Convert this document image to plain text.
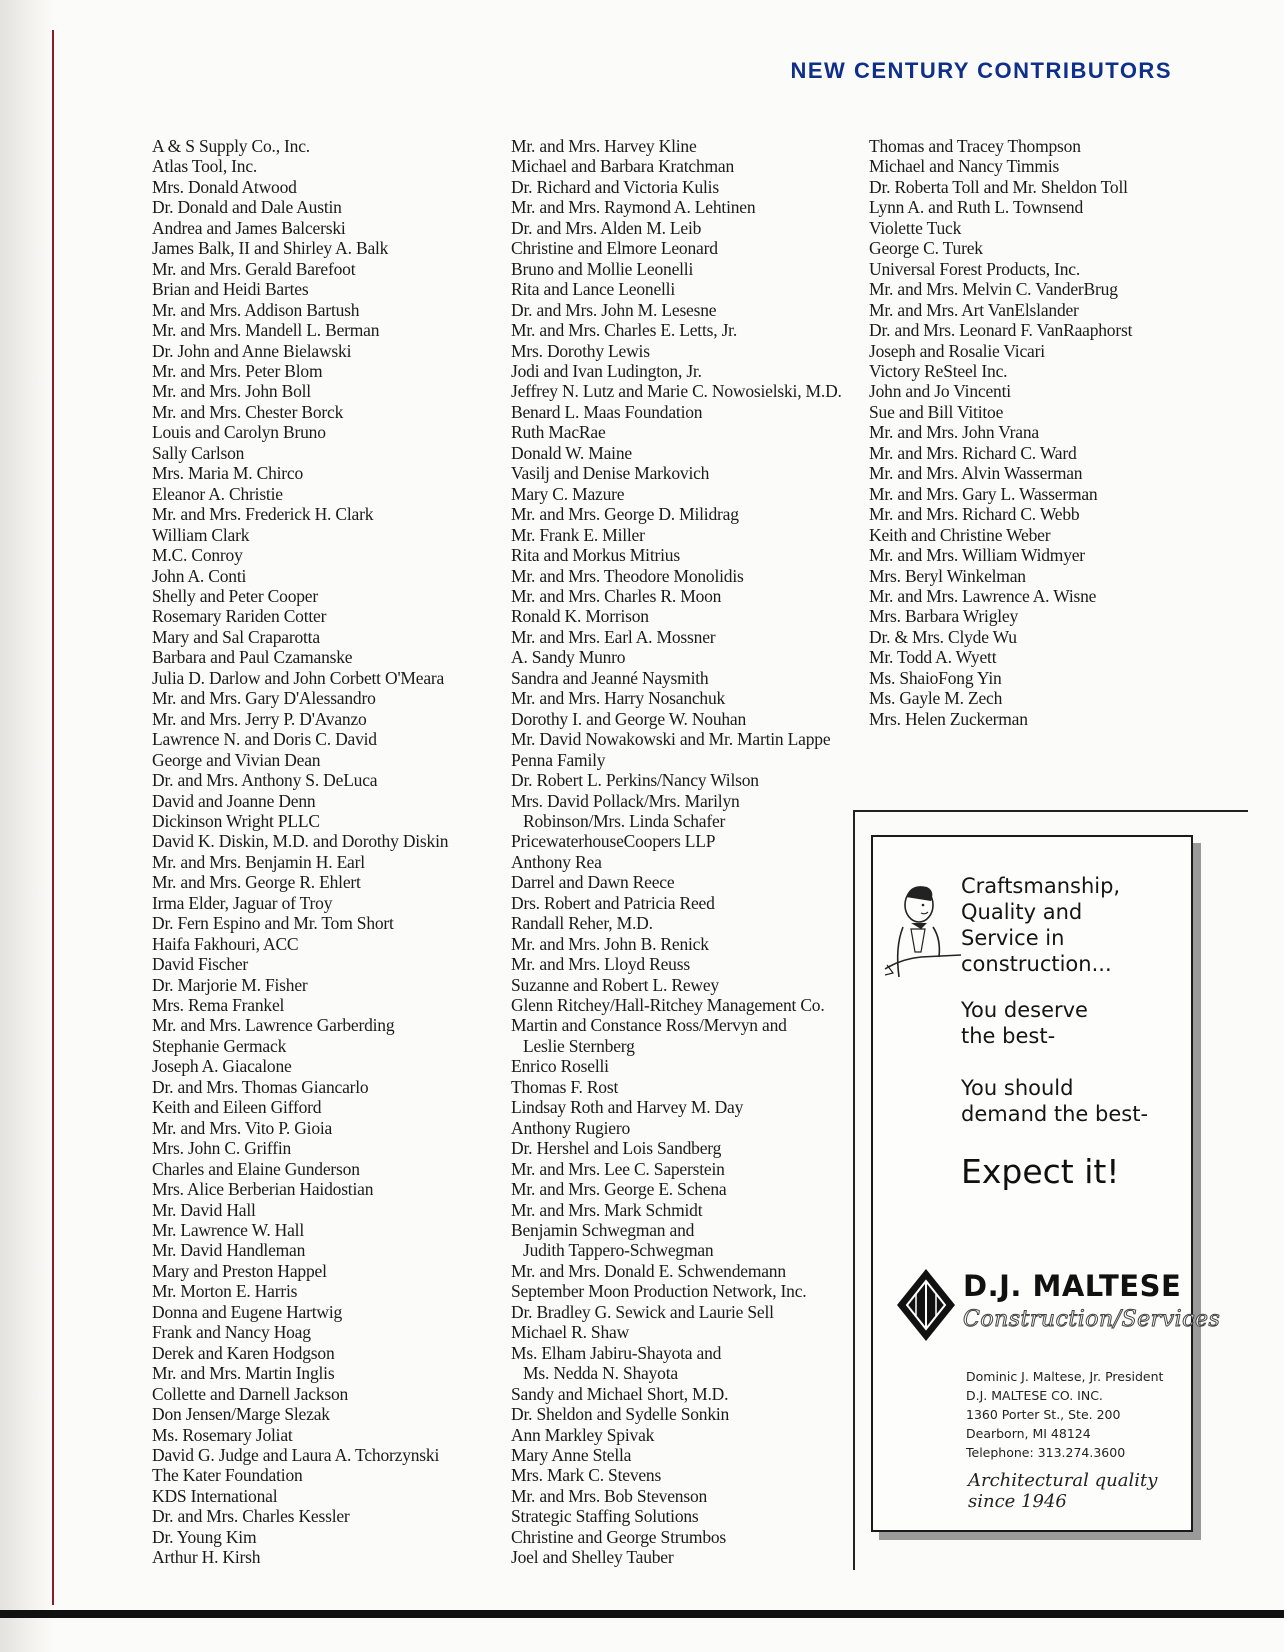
NEW CENTURY CONTRIBUTORS
A & S Supply Co., Inc.
Atlas Tool, Inc.
Mrs. Donald Atwood
Dr. Donald and Dale Austin
Andrea and James Balcerski
James Balk, II and Shirley A. Balk
Mr. and Mrs. Gerald Barefoot
Brian and Heidi Bartes
Mr. and Mrs. Addison Bartush
Mr. and Mrs. Mandell L. Berman
Dr. John and Anne Bielawski
Mr. and Mrs. Peter Blom
Mr. and Mrs. John Boll
Mr. and Mrs. Chester Borck
Louis and Carolyn Bruno
Sally Carlson
Mrs. Maria M. Chirco
Eleanor A. Christie
Mr. and Mrs. Frederick H. Clark
William Clark
M.C. Conroy
John A. Conti
Shelly and Peter Cooper
Rosemary Rariden Cotter
Mary and Sal Craparotta
Barbara and Paul Czamanske
Julia D. Darlow and John Corbett O'Meara
Mr. and Mrs. Gary D'Alessandro
Mr. and Mrs. Jerry P. D'Avanzo
Lawrence N. and Doris C. David
George and Vivian Dean
Dr. and Mrs. Anthony S. DeLuca
David and Joanne Denn
Dickinson Wright PLLC
David K. Diskin, M.D. and Dorothy Diskin
Mr. and Mrs. Benjamin H. Earl
Mr. and Mrs. George R. Ehlert
Irma Elder, Jaguar of Troy
Dr. Fern Espino and Mr. Tom Short
Haifa Fakhouri, ACC
David Fischer
Dr. Marjorie M. Fisher
Mrs. Rema Frankel
Mr. and Mrs. Lawrence Garberding
Stephanie Germack
Joseph A. Giacalone
Dr. and Mrs. Thomas Giancarlo
Keith and Eileen Gifford
Mr. and Mrs. Vito P. Gioia
Mrs. John C. Griffin
Charles and Elaine Gunderson
Mrs. Alice Berberian Haidostian
Mr. David Hall
Mr. Lawrence W. Hall
Mr. David Handleman
Mary and Preston Happel
Mr. Morton E. Harris
Donna and Eugene Hartwig
Frank and Nancy Hoag
Derek and Karen Hodgson
Mr. and Mrs. Martin Inglis
Collette and Darnell Jackson
Don Jensen/Marge Slezak
Ms. Rosemary Joliat
David G. Judge and Laura A. Tchorzynski
The Kater Foundation
KDS International
Dr. and Mrs. Charles Kessler
Dr. Young Kim
Arthur H. Kirsh
Mr. and Mrs. Harvey Kline
Michael and Barbara Kratchman
Dr. Richard and Victoria Kulis
Mr. and Mrs. Raymond A. Lehtinen
Dr. and Mrs. Alden M. Leib
Christine and Elmore Leonard
Bruno and Mollie Leonelli
Rita and Lance Leonelli
Dr. and Mrs. John M. Lesesne
Mr. and Mrs. Charles E. Letts, Jr.
Mrs. Dorothy Lewis
Jodi and Ivan Ludington, Jr.
Jeffrey N. Lutz and Marie C. Nowosielski, M.D.
Benard L. Maas Foundation
Ruth MacRae
Donald W. Maine
Vasilj and Denise Markovich
Mary C. Mazure
Mr. and Mrs. George D. Milidrag
Mr. Frank E. Miller
Rita and Morkus Mitrius
Mr. and Mrs. Theodore Monolidis
Mr. and Mrs. Charles R. Moon
Ronald K. Morrison
Mr. and Mrs. Earl A. Mossner
A. Sandy Munro
Sandra and Jeanné Naysmith
Mr. and Mrs. Harry Nosanchuk
Dorothy I. and George W. Nouhan
Mr. David Nowakowski and Mr. Martin Lappe
Penna Family
Dr. Robert L. Perkins/Nancy Wilson
Mrs. David Pollack/Mrs. Marilyn
Robinson/Mrs. Linda Schafer
PricewaterhouseCoopers LLP
Anthony Rea
Darrel and Dawn Reece
Drs. Robert and Patricia Reed
Randall Reher, M.D.
Mr. and Mrs. John B. Renick
Mr. and Mrs. Lloyd Reuss
Suzanne and Robert L. Rewey
Glenn Ritchey/Hall-Ritchey Management Co.
Martin and Constance Ross/Mervyn and
Leslie Sternberg
Enrico Roselli
Thomas F. Rost
Lindsay Roth and Harvey M. Day
Anthony Rugiero
Dr. Hershel and Lois Sandberg
Mr. and Mrs. Lee C. Saperstein
Mr. and Mrs. George E. Schena
Mr. and Mrs. Mark Schmidt
Benjamin Schwegman and
Judith Tappero-Schwegman
Mr. and Mrs. Donald E. Schwendemann
September Moon Production Network, Inc.
Dr. Bradley G. Sewick and Laurie Sell
Michael R. Shaw
Ms. Elham Jabiru-Shayota and
Ms. Nedda N. Shayota
Sandy and Michael Short, M.D.
Dr. Sheldon and Sydelle Sonkin
Ann Markley Spivak
Mary Anne Stella
Mrs. Mark C. Stevens
Mr. and Mrs. Bob Stevenson
Strategic Staffing Solutions
Christine and George Strumbos
Joel and Shelley Tauber
Thomas and Tracey Thompson
Michael and Nancy Timmis
Dr. Roberta Toll and Mr. Sheldon Toll
Lynn A. and Ruth L. Townsend
Violette Tuck
George C. Turek
Universal Forest Products, Inc.
Mr. and Mrs. Melvin C. VanderBrug
Mr. and Mrs. Art VanElslander
Dr. and Mrs. Leonard F. VanRaaphorst
Joseph and Rosalie Vicari
Victory ReSteel Inc.
John and Jo Vincenti
Sue and Bill Vititoe
Mr. and Mrs. John Vrana
Mr. and Mrs. Richard C. Ward
Mr. and Mrs. Alvin Wasserman
Mr. and Mrs. Gary L. Wasserman
Mr. and Mrs. Richard C. Webb
Keith and Christine Weber
Mr. and Mrs. William Widmyer
Mrs. Beryl Winkelman
Mr. and Mrs. Lawrence A. Wisne
Mrs. Barbara Wrigley
Dr. & Mrs. Clyde Wu
Mr. Todd A. Wyett
Ms. ShaioFong Yin
Ms. Gayle M. Zech
Mrs. Helen Zuckerman
Craftsmanship,
Quality and
Service in
construction...
You deserve
the best-
You should
demand the best-
Expect it!
D.J. MALTESE
Construction/Services
Dominic J. Maltese, Jr. President
D.J. MALTESE CO. INC.
1360 Porter St., Ste. 200
Dearborn, MI 48124
Telephone: 313.274.3600
Architectural quality since 1946
